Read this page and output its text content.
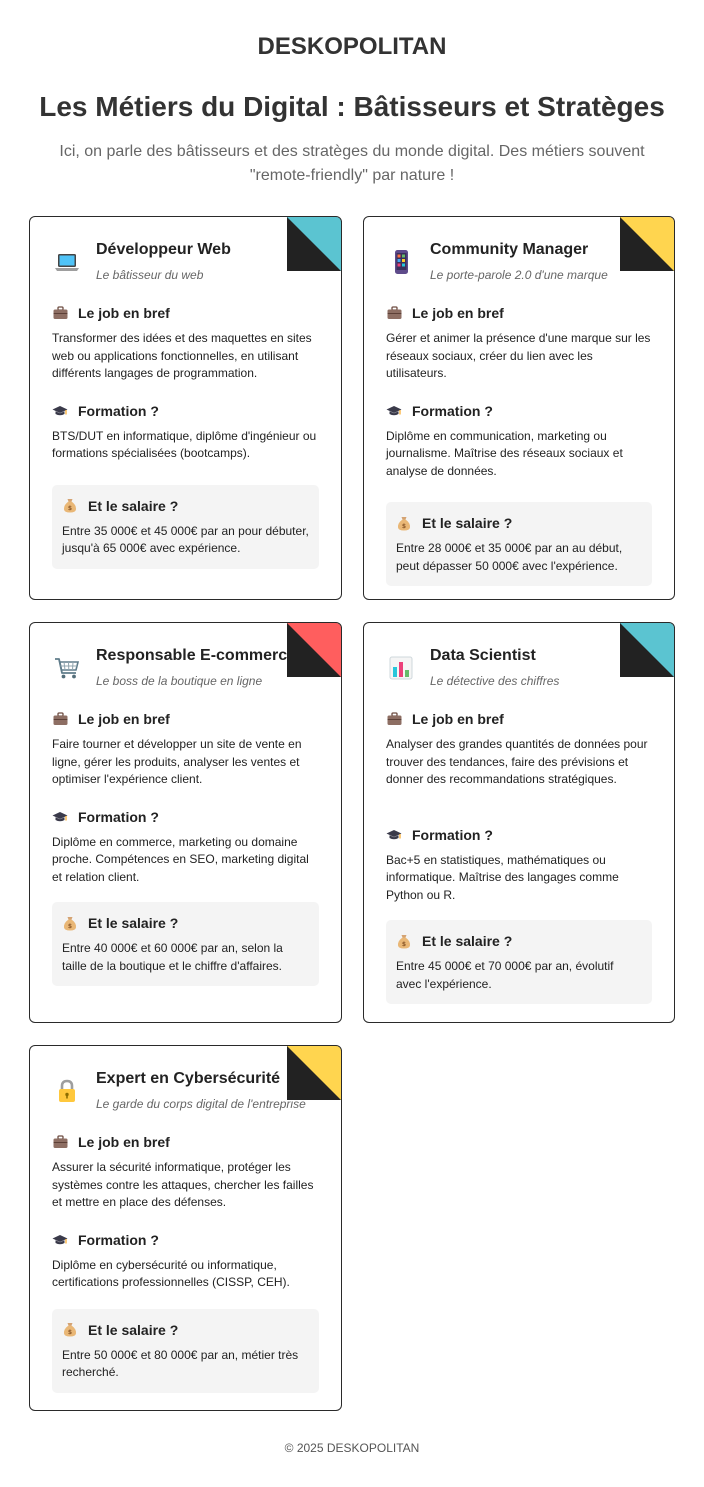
DESKOPOLITAN
Les Métiers du Digital : Bâtisseurs et Stratèges

Ici, on parle des bâtisseurs et des stratèges du monde digital. Des métiers souvent "remote-friendly" par nature !

Développeur Web
Le bâtisseur du web
Le job en bref

Transformer des idées et des maquettes en sites web ou applications fonctionnelles, en utilisant différents langages de programmation.

Formation ?

BTS/DUT en informatique, diplôme d'ingénieur ou formations spécialisées (bootcamps).

$ Et le salaire ?

Entre 35 000€ et 45 000€ par an pour débuter, jusqu'à 65 000€ avec expérience.

Community Manager
Le porte-parole 2.0 d'une marque
Le job en bref

Gérer et animer la présence d'une marque sur les réseaux sociaux, créer du lien avec les utilisateurs.

Formation ?

Diplôme en communication, marketing ou journalisme. Maîtrise des réseaux sociaux et analyse de données.

$ Et le salaire ?

Entre 28 000€ et 35 000€ par an au début, peut dépasser 50 000€ avec l'expérience.

Responsable E-commerce
Le boss de la boutique en ligne
Le job en bref

Faire tourner et développer un site de vente en ligne, gérer les produits, analyser les ventes et optimiser l'expérience client.

Formation ?

Diplôme en commerce, marketing ou domaine proche. Compétences en SEO, marketing digital et relation client.

$ Et le salaire ?

Entre 40 000€ et 60 000€ par an, selon la taille de la boutique et le chiffre d'affaires.

Data Scientist
Le détective des chiffres
Le job en bref

Analyser des grandes quantités de données pour trouver des tendances, faire des prévisions et donner des recommandations stratégiques.

Formation ?

Bac+5 en statistiques, mathématiques ou informatique. Maîtrise des langages comme Python ou R.

$ Et le salaire ?

Entre 45 000€ et 70 000€ par an, évolutif avec l'expérience.

Expert en Cybersécurité
Le garde du corps digital de l'entreprise
Le job en bref

Assurer la sécurité informatique, protéger les systèmes contre les attaques, chercher les failles et mettre en place des défenses.

Formation ?

Diplôme en cybersécurité ou informatique, certifications professionnelles (CISSP, CEH).

$ Et le salaire ?

Entre 50 000€ et 80 000€ par an, métier très recherché.

© 2025 DESKOPOLITAN
